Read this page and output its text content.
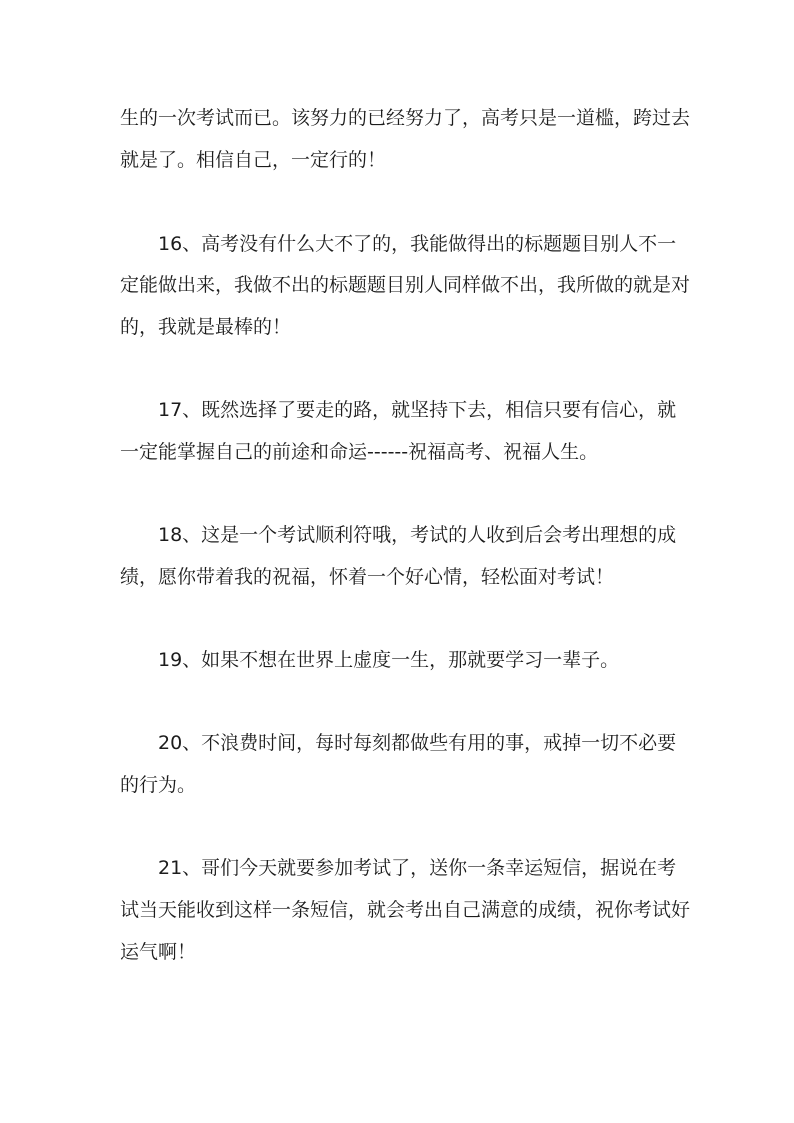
生的一次考试而已。该努力的已经努力了，高考只是一道槛，跨过去
就是了。相信自己，一定行的！
16、高考没有什么大不了的，我能做得出的标题题目别人不一
定能做出来，我做不出的标题题目别人同样做不出，我所做的就是对
的，我就是最棒的！
17、既然选择了要走的路，就坚持下去，相信只要有信心，就
一定能掌握自己的前途和命运------祝福高考、祝福人生。
18、这是一个考试顺利符哦，考试的人收到后会考出理想的成
绩，愿你带着我的祝福，怀着一个好心情，轻松面对考试！
19、如果不想在世界上虚度一生，那就要学习一辈子。
20、不浪费时间，每时每刻都做些有用的事，戒掉一切不必要
的行为。
21、哥们今天就要参加考试了，送你一条幸运短信，据说在考
试当天能收到这样一条短信，就会考出自己满意的成绩，祝你考试好
运气啊！
